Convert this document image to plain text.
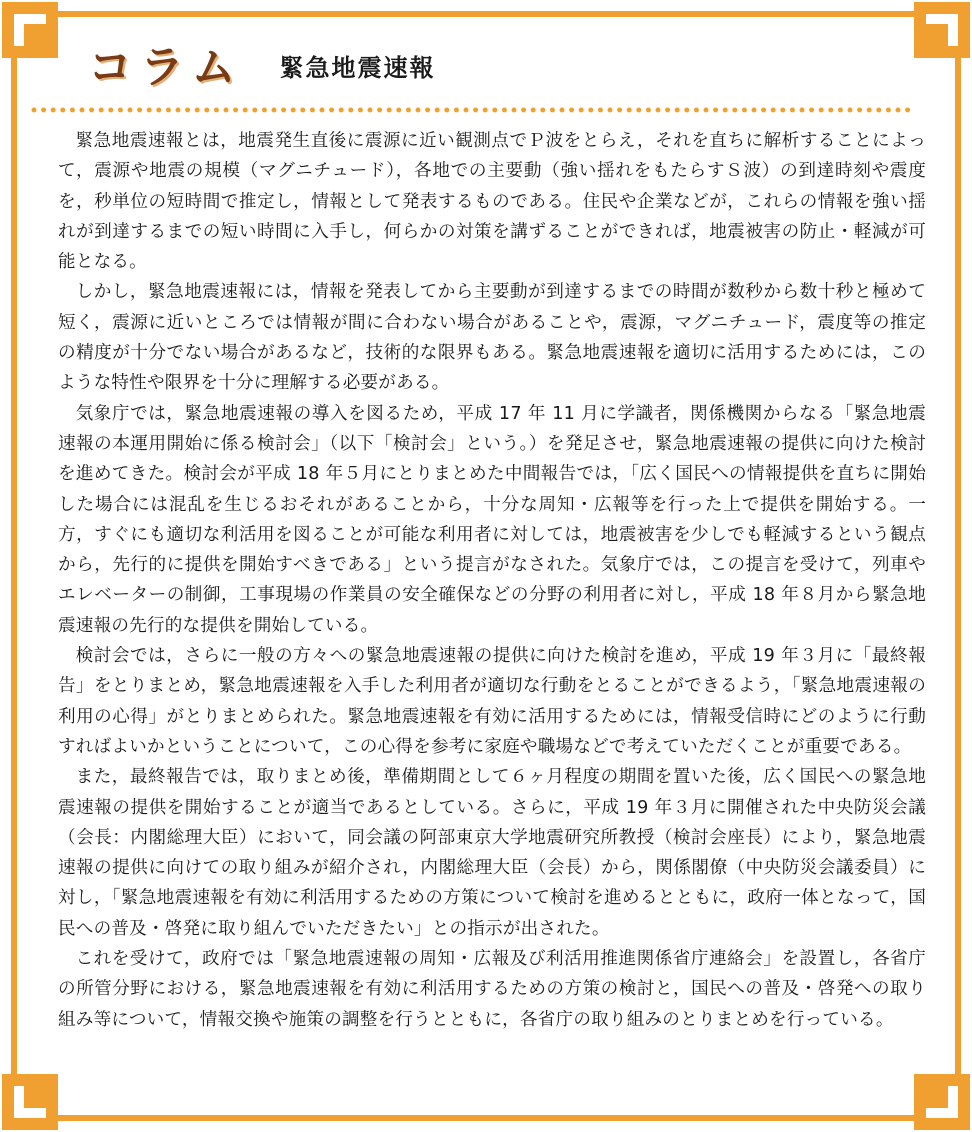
コラム 緊急地震速報

緊急地震速報とは，地震発生直後に震源に近い観測点でＰ波をとらえ，それを直ちに解析することによって，震源や地震の規模（マグニチュード），各地での主要動（強い揺れをもたらすＳ波）の到達時刻や震度を，秒単位の短時間で推定し，情報として発表するものである。住民や企業などが，これらの情報を強い揺れが到達するまでの短い時間に入手し，何らかの対策を講ずることができれば，地震被害の防止・軽減が可能となる。

しかし，緊急地震速報には，情報を発表してから主要動が到達するまでの時間が数秒から数十秒と極めて短く，震源に近いところでは情報が間に合わない場合があることや，震源，マグニチュード，震度等の推定の精度が十分でない場合があるなど，技術的な限界もある。緊急地震速報を適切に活用するためには，このような特性や限界を十分に理解する必要がある。

気象庁では，緊急地震速報の導入を図るため，平成 17 年 11 月に学識者，関係機関からなる「緊急地震速報の本運用開始に係る検討会」（以下「検討会」という。）を発足させ，緊急地震速報の提供に向けた検討を進めてきた。検討会が平成 18 年５月にとりまとめた中間報告では，「広く国民への情報提供を直ちに開始した場合には混乱を生じるおそれがあることから，十分な周知・広報等を行った上で提供を開始する。一方，すぐにも適切な利活用を図ることが可能な利用者に対しては，地震被害を少しでも軽減するという観点から，先行的に提供を開始すべきである」という提言がなされた。気象庁では，この提言を受けて，列車やエレベーターの制御，工事現場の作業員の安全確保などの分野の利用者に対し，平成 18 年８月から緊急地震速報の先行的な提供を開始している。

検討会では，さらに一般の方々への緊急地震速報の提供に向けた検討を進め，平成 19 年３月に「最終報告」をとりまとめ，緊急地震速報を入手した利用者が適切な行動をとることができるよう，「緊急地震速報の利用の心得」がとりまとめられた。緊急地震速報を有効に活用するためには，情報受信時にどのように行動すればよいかということについて，この心得を参考に家庭や職場などで考えていただくことが重要である。

また，最終報告では，取りまとめ後，準備期間として６ヶ月程度の期間を置いた後，広く国民への緊急地震速報の提供を開始することが適当であるとしている。さらに，平成 19 年３月に開催された中央防災会議（会長：内閣総理大臣）において，同会議の阿部東京大学地震研究所教授（検討会座長）により，緊急地震速報の提供に向けての取り組みが紹介され，内閣総理大臣（会長）から，関係閣僚（中央防災会議委員）に対し，「緊急地震速報を有効に利活用するための方策について検討を進めるとともに，政府一体となって，国民への普及・啓発に取り組んでいただきたい」との指示が出された。

これを受けて，政府では「緊急地震速報の周知・広報及び利活用推進関係省庁連絡会」を設置し，各省庁の所管分野における，緊急地震速報を有効に利活用するための方策の検討と，国民への普及・啓発への取り組み等について，情報交換や施策の調整を行うとともに，各省庁の取り組みのとりまとめを行っている。
